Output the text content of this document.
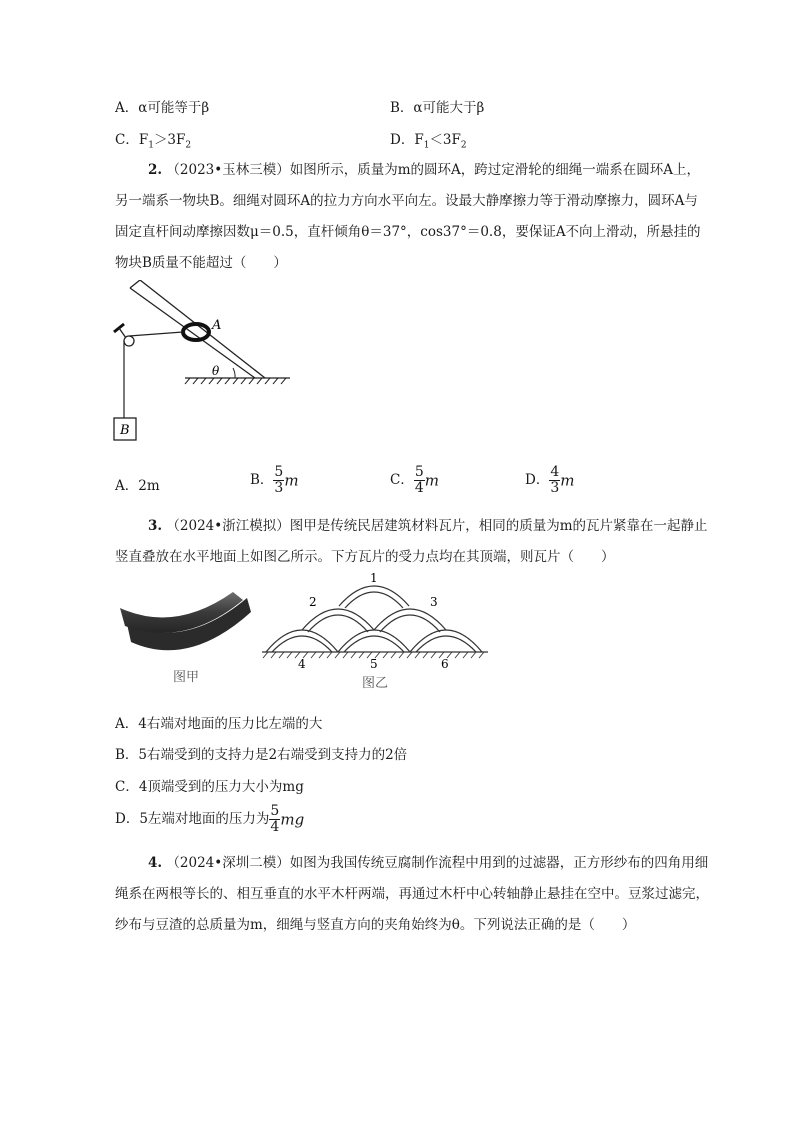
A．α可能等于β	B．α可能大于β
C．$F_1>3F_2$	D．$F_1<3F_2$
2. （2023•玉林三模）如图所示，质量为m的圆环A，跨过定滑轮的细绳一端系在圆环A上，另一端系一物块B。细绳对圆环A的拉力方向水平向左。设最大静摩擦力等于滑动摩擦力，圆环A与固定直杆间动摩擦因数μ＝0.5，直杆倾角θ＝37°，cos37°＝0.8，要保证A不向上滑动，所悬挂的物块B质量不能超过（　　）
θ
A
B
A．2m	B． $\frac{5}{3}$ m	C． $\frac{5}{4}$ m	D． $\frac{4}{3}$ m
3. （2024•浙江模拟）图甲是传统民居建筑材料瓦片，相同的质量为m的瓦片紧靠在一起静止竖直叠放在水平地面上如图乙所示。下方瓦片的受力点均在其顶端，则瓦片（　　）
图甲
1
2	3
4	5	6
图乙
A．4右端对地面的压力比左端的大
B．5右端受到的支持力是2右端受到支持力的2倍
C．4顶端受到的压力大小为mg
D．5左端对地面的压力为 $\frac{5}{4}$ mg
4. （2024•深圳二模）如图为我国传统豆腐制作流程中用到的过滤器，正方形纱布的四角用细绳系在两根等长的、相互垂直的水平木杆两端，再通过木杆中心转轴静止悬挂在空中。豆浆过滤完，纱布与豆渣的总质量为m，细绳与竖直方向的夹角始终为θ。下列说法正确的是（　　）
